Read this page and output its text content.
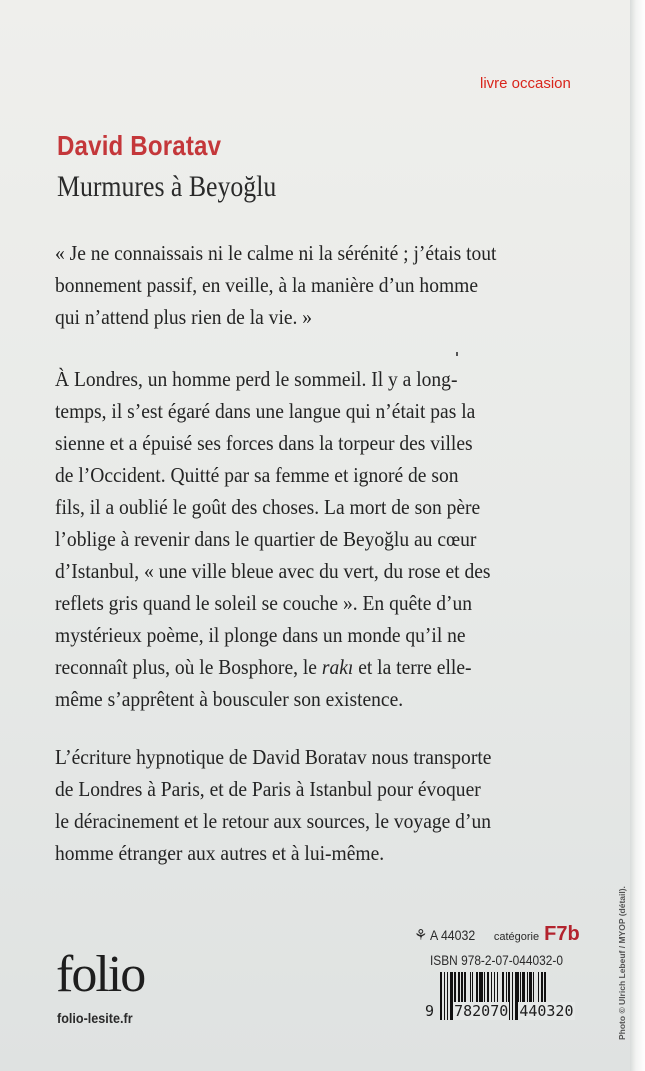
livre occasion
David Boratav
Murmures à Beyoğlu
« Je ne connaissais ni le calme ni la sérénité ; j’étais tout
bonnement passif, en veille, à la manière d’un homme
qui n’attend plus rien de la vie. »
À Londres, un homme perd le sommeil. Il y a long-
temps, il s’est égaré dans une langue qui n’était pas la
sienne et a épuisé ses forces dans la torpeur des villes
de l’Occident. Quitté par sa femme et ignoré de son
fils, il a oublié le goût des choses. La mort de son père
l’oblige à revenir dans le quartier de Beyoğlu au cœur
d’Istanbul, « une ville bleue avec du vert, du rose et des
reflets gris quand le soleil se couche ». En quête d’un
mystérieux poème, il plonge dans un monde qu’il ne
reconnaît plus, où le Bosphore, le rakı et la terre elle-
même s’apprêtent à bousculer son existence.
L’écriture hypnotique de David Boratav nous transporte
de Londres à Paris, et de Paris à Istanbul pour évoquer
le déracinement et le retour aux sources, le voyage d’un
homme étranger aux autres et à lui-même.
folio
folio-lesite.fr
⚘ A 44032 catégorie F7b
ISBN 978-2-07-044032-0
9 782070 440320	Photo © Ulrich Lebeuf / MYOP (détail).
